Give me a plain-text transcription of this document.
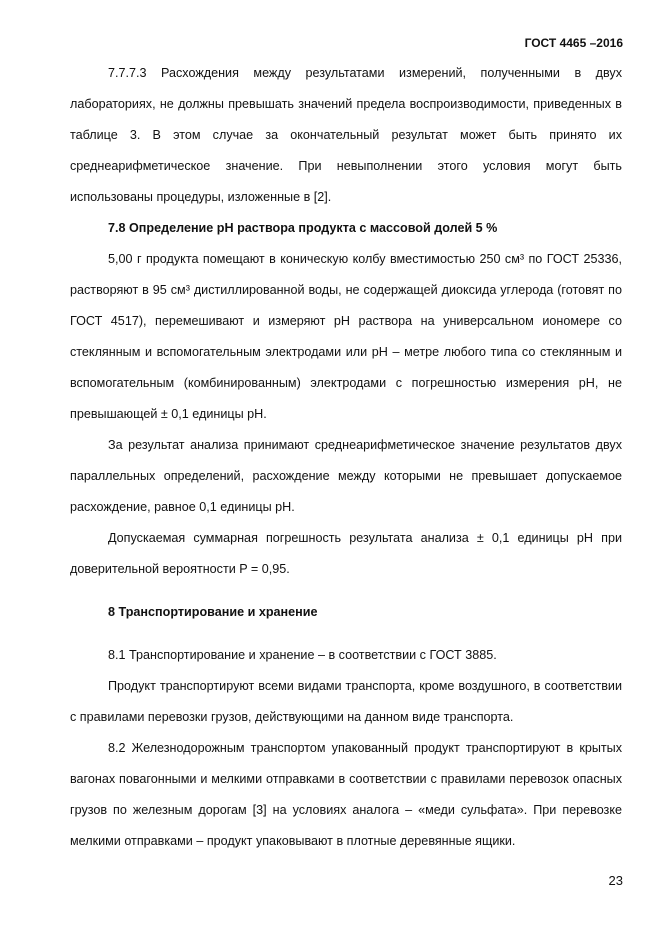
ГОСТ 4465 –2016

7.7.7.3 Расхождения между результатами измерений, полученными в двух лабораториях, не должны превышать значений предела воспроизводимости, приведенных в таблице 3. В этом случае за окончательный результат может быть принято их среднеарифметическое значение. При невыполнении этого условия могут быть использованы процедуры, изложенные в [2].

7.8 Определение pH раствора продукта с массовой долей 5 %

5,00 г продукта помещают в коническую колбу вместимостью 250 см³ по ГОСТ 25336, растворяют в 95 см³ дистиллированной воды, не содержащей диоксида углерода (готовят по ГОСТ 4517), перемешивают и измеряют pH раствора на универсальном иономере со стеклянным и вспомогательным электродами или pH – метре любого типа со стеклянным и вспомогательным (комбинированным) электродами с погрешностью измерения pH, не превышающей ± 0,1 единицы pH.

За результат анализа принимают среднеарифметическое значение результатов двух параллельных определений, расхождение между которыми не превышает допускаемое расхождение, равное 0,1 единицы pH.

Допускаемая суммарная погрешность результата анализа ± 0,1 единицы pH при доверительной вероятности P = 0,95.

8 Транспортирование и хранение

8.1 Транспортирование и хранение – в соответствии с ГОСТ 3885.

Продукт транспортируют всеми видами транспорта, кроме воздушного, в соответствии с правилами перевозки грузов, действующими на данном виде транспорта.

8.2 Железнодорожным транспортом упакованный продукт транспортируют в крытых вагонах повагонными и мелкими отправками в соответствии с правилами перевозок опасных грузов по железным дорогам [3] на условиях аналога – «меди сульфата». При перевозке мелкими отправками – продукт упаковывают в плотные деревянные ящики.

23
